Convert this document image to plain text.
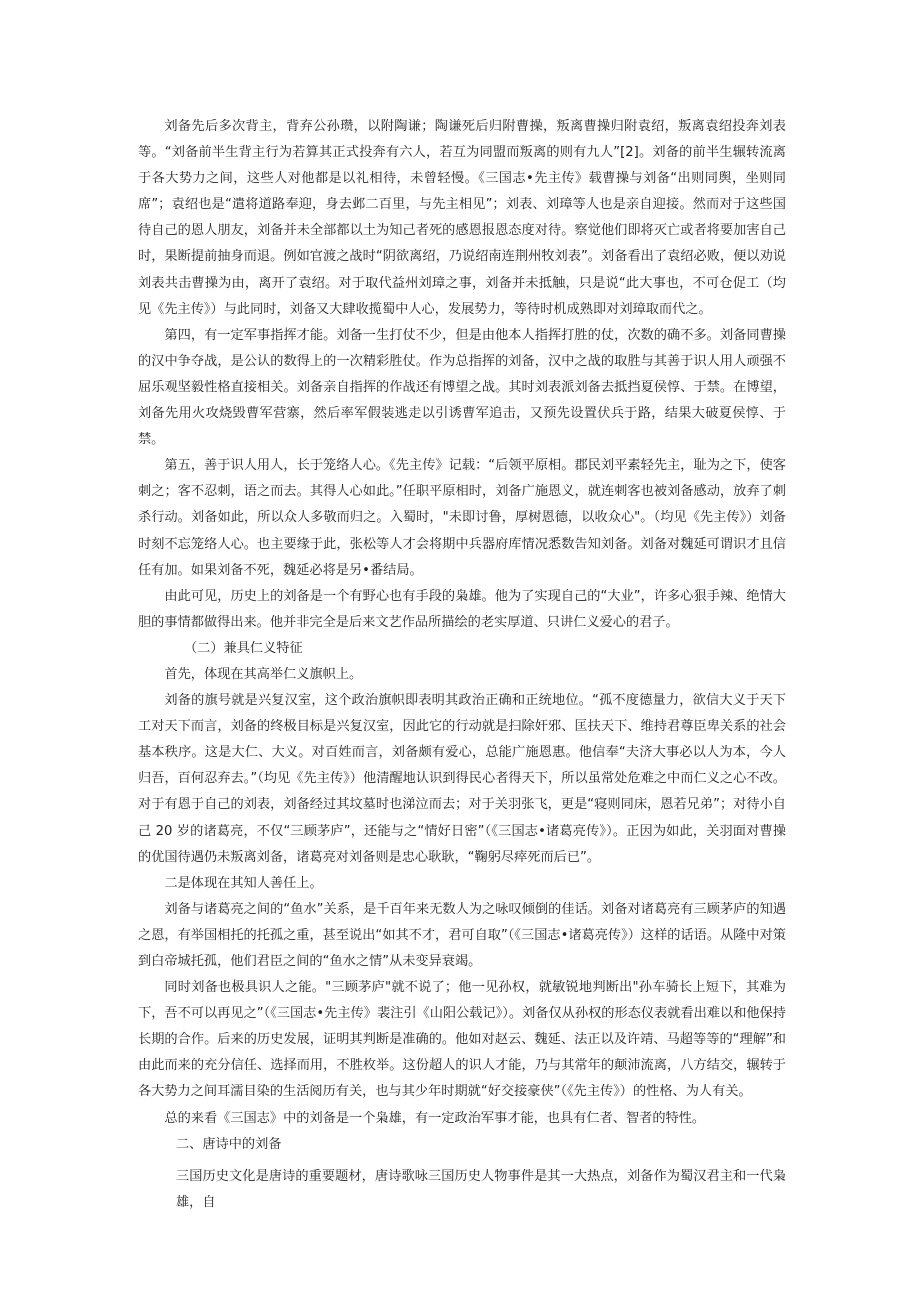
刘备先后多次背主，背弃公孙瓒，以附陶谦；陶谦死后归附曹操，叛离曹操归附袁绍，叛离袁绍投奔刘表等。“刘备前半生背主行为若算其正式投奔有六人，若互为同盟而叛离的则有九人”[2]。刘备的前半生辗转流离于各大势力之间，这些人对他都是以礼相待，未曾轻慢。《三国志•先主传》载曹操与刘备“出则同舆，坐则同席”；袁绍也是“遣将道路奉迎，身去邺二百里，与先主相见”；刘表、刘璋等人也是亲自迎接。然而对于这些国待自己的恩人朋友，刘备并未全部都以土为知己者死的感恩报恩态度对待。察觉他们即将灭亡或者将要加害自己时，果断提前抽身而退。例如官渡之战时“阴欲离绍，乃说绍南连荆州牧刘表”。刘备看出了袁绍必败，便以劝说刘表共击曹操为由，离开了袁绍。对于取代益州刘璋之事，刘备并未抵触，只是说“此大事也，不可仓促工（均见《先主传》）与此同时，刘备又大肆收揽蜀中人心，发展势力，等待时机成熟即对刘璋取而代之。

第四，有一定军事指挥才能。刘备一生打仗不少，但是由他本人指挥打胜的仗，次数的确不多。刘备同曹操的汉中争夺战，是公认的数得上的一次精彩胜仗。作为总指挥的刘备，汉中之战的取胜与其善于识人用人顽强不屈乐观坚毅性格直接相关。刘备亲自指挥的作战还有博望之战。其时刘表派刘备去抵挡夏侯惇、于禁。在博望，刘备先用火攻烧毁曹军营寨，然后率军假装逃走以引诱曹军追击，又预先设置伏兵于路，结果大破夏侯惇、于禁。

第五，善于识人用人，长于笼络人心。《先主传》记载：“后领平原相。郡民刘平素轻先主，耻为之下，使客刺之；客不忍刺，语之而去。其得人心如此。”任职平原相时，刘备广施恩义，就连刺客也被刘备感动，放弃了刺杀行动。刘备如此，所以众人多敬而归之。入蜀时，"未即讨鲁，厚树恩德，以收众心"。（均见《先主传》）刘备时刻不忘笼络人心。也主要缘于此，张松等人才会将期中兵器府库情况悉数告知刘备。刘备对魏延可谓识才且信任有加。如果刘备不死，魏延必将是另•番结局。

由此可见，历史上的刘备是一个有野心也有手段的枭雄。他为了实现自己的“大业”，许多心狠手辣、绝情大胆的事情都做得出来。他并非完全是后来文艺作品所描绘的老实厚道、只讲仁义爱心的君子。

（二）兼具仁义特征

首先，体现在其高举仁义旗帜上。

刘备的旗号就是兴复汉室，这个政治旗帜即表明其政治正确和正统地位。“孤不度德量力，欲信大义于天下工对天下而言，刘备的终极目标是兴复汉室，因此它的行动就是扫除奸邪、匡扶天下、维持君尊臣卑关系的社会基本秩序。这是大仁、大义。对百姓而言，刘备颇有爱心，总能广施恩惠。他信奉“夫济大事必以人为本，今人归吾，百何忍弃去。”（均见《先主传》）他清醒地认识到得民心者得天下，所以虽常处危难之中而仁义之心不改。对于有恩于自己的刘表，刘备经过其坟墓时也涕泣而去；对于关羽张飞，更是“寝则同床，恩若兄弟”；对待小自己 20 岁的诸葛亮，不仅“三顾茅庐”，还能与之“情好日密”（《三国志•诸葛亮传》）。正因为如此，关羽面对曹操的优国待遇仍未叛离刘备，诸葛亮对刘备则是忠心耿耿，“鞠躬尽瘁死而后已”。

二是体现在其知人善任上。

刘备与诸葛亮之间的“鱼水”关系，是千百年来无数人为之咏叹倾倒的佳话。刘备对诸葛亮有三顾茅庐的知遇之恩，有举国相托的托孤之重，甚至说出“如其不才，君可自取”（《三国志•诸葛亮传》）这样的话语。从隆中对策到白帝城托孤，他们君臣之间的“鱼水之情”从未变异衰竭。

同时刘备也极具识人之能。"三顾茅庐"就不说了；他一见孙权，就敏锐地判断出"孙车骑长上短下，其难为下，吾不可以再见之”（《三国志•先主传》裴注引《山阳公载记》）。刘备仅从孙权的形态仪表就看出难以和他保持长期的合作。后来的历史发展，证明其判断是准确的。他如对赵云、魏延、法正以及许靖、马超等等的“理解”和由此而来的充分信任、选择而用，不胜枚举。这份超人的识人才能，乃与其常年的颠沛流离，八方结交，辗转于各大势力之间耳濡目染的生活阅历有关，也与其少年时期就“好交接豪侠”（《先主传》）的性格、为人有关。

总的来看《三国志》中的刘备是一个枭雄，有一定政治军事才能，也具有仁者、智者的特性。

二、唐诗中的刘备

三国历史文化是唐诗的重要题材，唐诗歌咏三国历史人物事件是其一大热点，刘备作为蜀汉君主和一代枭雄，自
